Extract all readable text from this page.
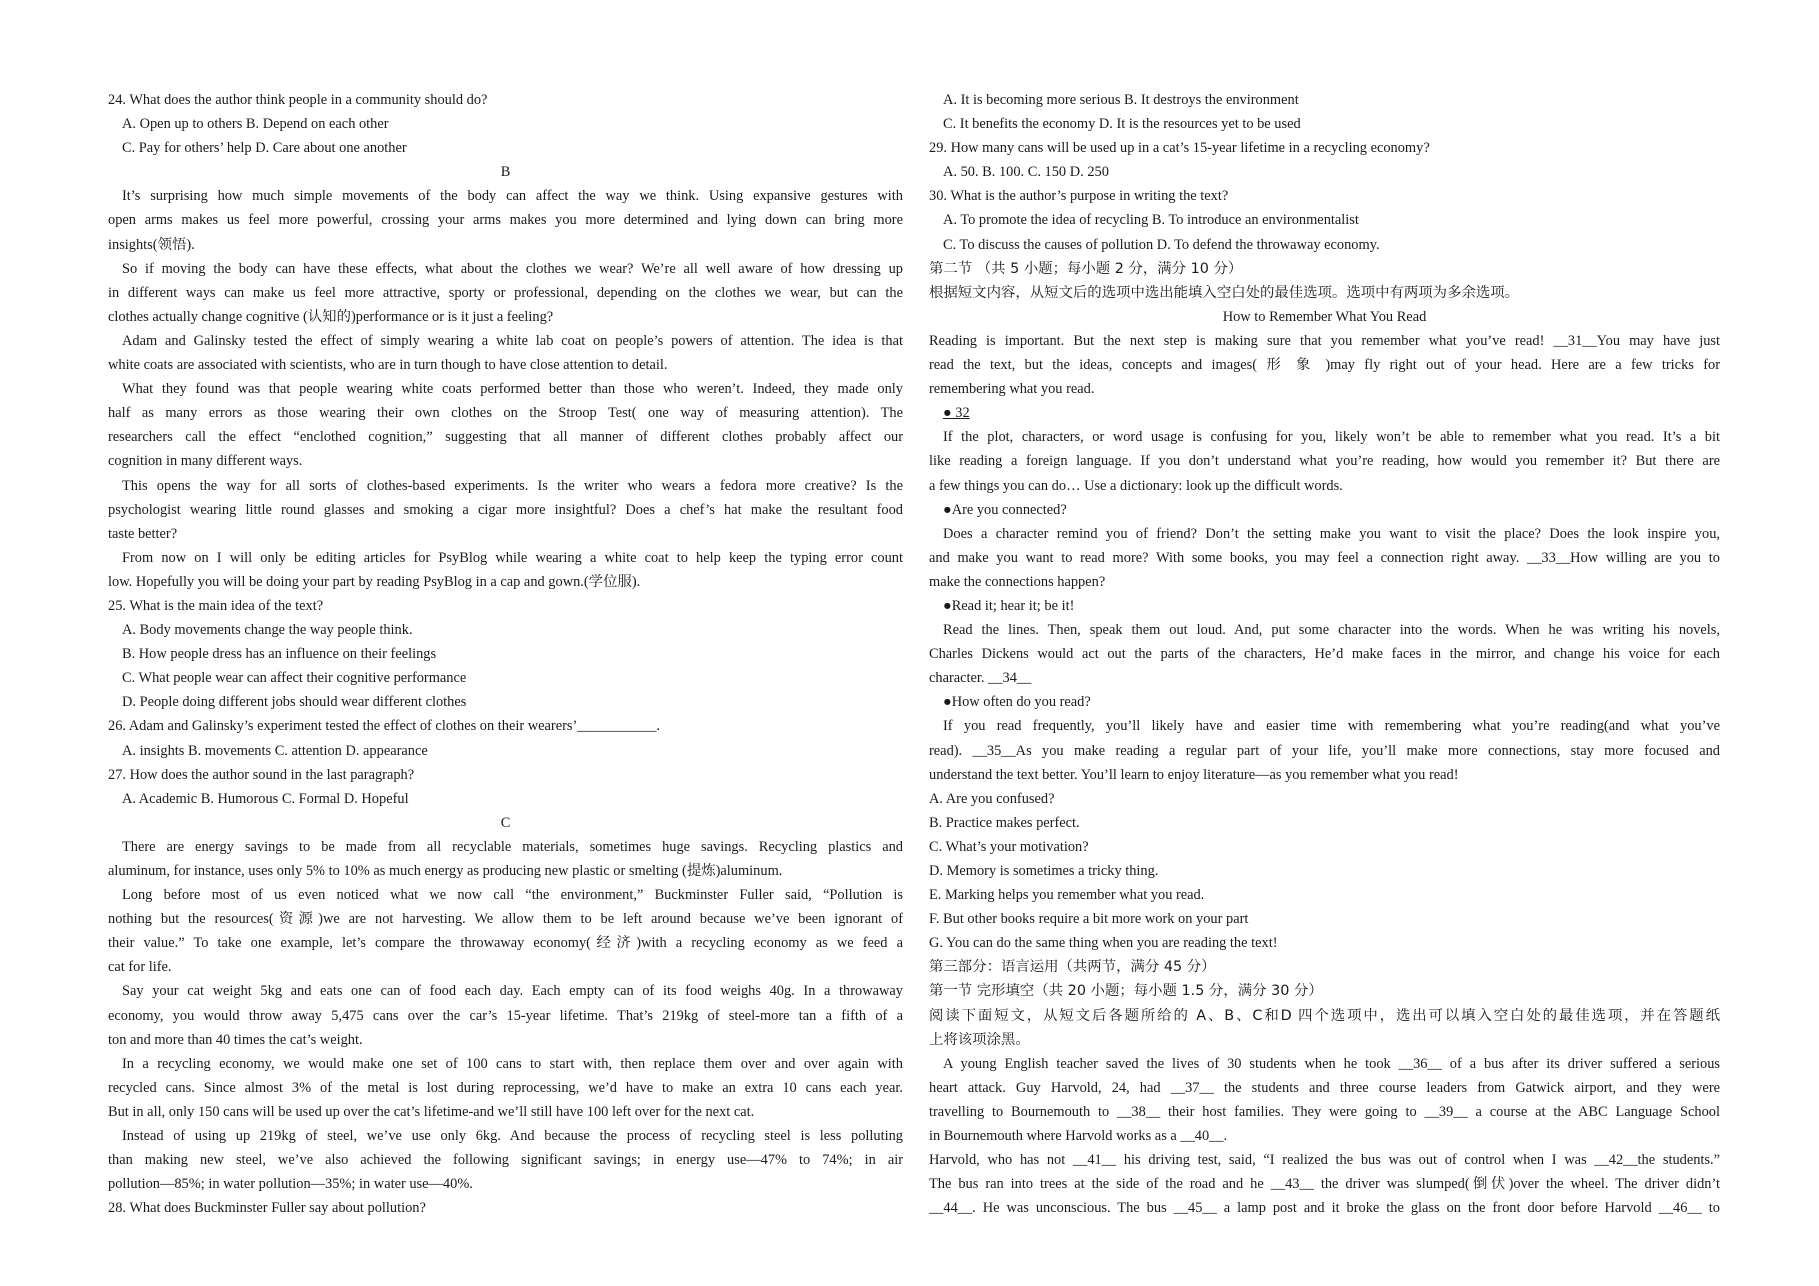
24. What does the author think people in a community should do?
A. Open up to others B. Depend on each other
C. Pay for others’ help D. Care about one another
B
It’s surprising how much simple movements of the body can affect the way we think. Using expansive gestures with
open arms makes us feel more powerful, crossing your arms makes you more determined and lying down can bring more
insights(领悟).
So if moving the body can have these effects, what about the clothes we wear? We’re all well aware of how dressing up
in different ways can make us feel more attractive, sporty or professional, depending on the clothes we wear, but can the
clothes actually change cognitive (认知的)performance or is it just a feeling?
Adam and Galinsky tested the effect of simply wearing a white lab coat on people’s powers of attention. The idea is that
white coats are associated with scientists, who are in turn though to have close attention to detail.
What they found was that people wearing white coats performed better than those who weren’t. Indeed, they made only
half as many errors as those wearing their own clothes on the Stroop Test( one way of measuring attention). The
researchers call the effect “enclothed cognition,” suggesting that all manner of different clothes probably affect our
cognition in many different ways.
This opens the way for all sorts of clothes-based experiments. Is the writer who wears a fedora more creative? Is the
psychologist wearing little round glasses and smoking a cigar more insightful? Does a chef’s hat make the resultant food
taste better?
From now on I will only be editing articles for PsyBlog while wearing a white coat to help keep the typing error count
low. Hopefully you will be doing your part by reading PsyBlog in a cap and gown.(学位服).
25. What is the main idea of the text?
A. Body movements change the way people think.
B. How people dress has an influence on their feelings
C. What people wear can affect their cognitive performance
D. People doing different jobs should wear different clothes
26. Adam and Galinsky’s experiment tested the effect of clothes on their wearers’___________.
A. insights B. movements C. attention D. appearance
27. How does the author sound in the last paragraph?
A. Academic B. Humorous C. Formal D. Hopeful
C
There are energy savings to be made from all recyclable materials, sometimes huge savings. Recycling plastics and
aluminum, for instance, uses only 5% to 10% as much energy as producing new plastic or smelting (提炼)aluminum.
Long before most of us even noticed what we now call “the environment,” Buckminster Fuller said, “Pollution is
nothing but the resources(资源)we are not harvesting. We allow them to be left around because we’ve been ignorant of
their value.” To take one example, let’s compare the throwaway economy(经济)with a recycling economy as we feed a
cat for life.
Say your cat weight 5kg and eats one can of food each day. Each empty can of its food weighs 40g. In a throwaway
economy, you would throw away 5,475 cans over the car’s 15-year lifetime. That’s 219kg of steel-more tan a fifth of a
ton and more than 40 times the cat’s weight.
In a recycling economy, we would make one set of 100 cans to start with, then replace them over and over again with
recycled cans. Since almost 3% of the metal is lost during reprocessing, we’d have to make an extra 10 cans each year.
But in all, only 150 cans will be used up over the cat’s lifetime-and we’ll still have 100 left over for the next cat.
Instead of using up 219kg of steel, we’ve use only 6kg. And because the process of recycling steel is less polluting
than making new steel, we’ve also achieved the following significant savings; in energy use—47% to 74%; in air
pollution—85%; in water pollution—35%; in water use—40%.
28. What does Buckminster Fuller say about pollution?
A. It is becoming more serious B. It destroys the environment
C. It benefits the economy D. It is the resources yet to be used
29. How many cans will be used up in a cat’s 15-year lifetime in a recycling economy?
A. 50. B. 100. C. 150 D. 250
30. What is the author’s purpose in writing the text?
A. To promote the idea of recycling B. To introduce an environmentalist
C. To discuss the causes of pollution D. To defend the throwaway economy.
第二节 （共 5 小题；每小题 2 分，满分 10 分）
根据短文内容，从短文后的选项中选出能填入空白处的最佳选项。选项中有两项为多余选项。
How to Remember What You Read
Reading is important. But the next step is making sure that you remember what you’ve read! __31__You may have just
read the text, but the ideas, concepts and images( 形 象 )may fly right out of your head. Here are a few tricks for
remembering what you read.
● 32
If the plot, characters, or word usage is confusing for you, likely won’t be able to remember what you read. It’s a bit
like reading a foreign language. If you don’t understand what you’re reading, how would you remember it? But there are
a few things you can do… Use a dictionary: look up the difficult words.
●Are you connected?
Does a character remind you of friend? Don’t the setting make you want to visit the place? Does the look inspire you,
and make you want to read more? With some books, you may feel a connection right away. __33__How willing are you to
make the connections happen?
●Read it; hear it; be it!
Read the lines. Then, speak them out loud. And, put some character into the words. When he was writing his novels,
Charles Dickens would act out the parts of the characters, He’d make faces in the mirror, and change his voice for each
character. __34__
●How often do you read?
If you read frequently, you’ll likely have and easier time with remembering what you’re reading(and what you’ve
read). __35__As you make reading a regular part of your life, you’ll make more connections, stay more focused and
understand the text better. You’ll learn to enjoy literature—as you remember what you read!
A. Are you confused?
B. Practice makes perfect.
C. What’s your motivation?
D. Memory is sometimes a tricky thing.
E. Marking helps you remember what you read.
F. But other books require a bit more work on your part
G. You can do the same thing when you are reading the text!
第三部分：语言运用（共两节，满分 45 分）
第一节 完形填空（共 20 小题；每小题 1.5 分，满分 30 分）
阅读下面短文，从短文后各题所给的 A、B、C和D 四个选项中，选出可以填入空白处的最佳选项，并在答题纸
上将该项涂黑。
A young English teacher saved the lives of 30 students when he took __36__ of a bus after its driver suffered a serious
heart attack. Guy Harvold, 24, had __37__ the students and three course leaders from Gatwick airport, and they were
travelling to Bournemouth to __38__ their host families. They were going to __39__ a course at the ABC Language School
in Bournemouth where Harvold works as a __40__.
Harvold, who has not __41__ his driving test, said, “I realized the bus was out of control when I was __42__the students.”
The bus ran into trees at the side of the road and he __43__ the driver was slumped(倒伏)over the wheel. The driver didn’t
__44__. He was unconscious. The bus __45__ a lamp post and it broke the glass on the front door before Harvold __46__ to
